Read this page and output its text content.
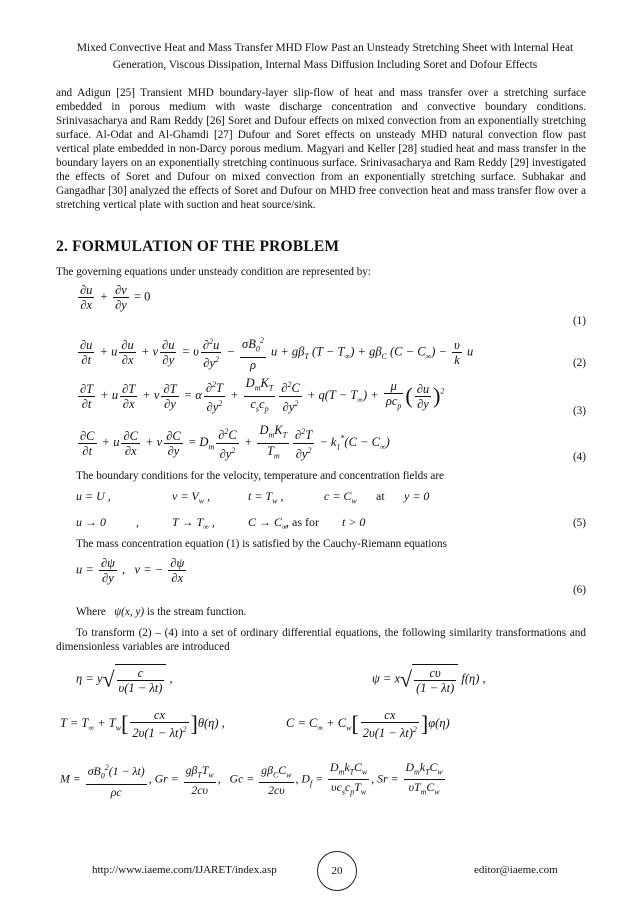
Mixed Convective Heat and Mass Transfer MHD Flow Past an Unsteady Stretching Sheet with Internal Heat
Generation, Viscous Dissipation, Internal Mass Diffusion Including Soret and Dofour Effects
and Adigun [25] Transient MHD boundary-layer slip-flow of heat and mass transfer over a stretching surface embedded in porous medium with waste discharge concentration and convective boundary conditions. Srinivasacharya and Ram Reddy [26] Soret and Dufour effects on mixed convection from an exponentially stretching surface. Al-Odat and Al-Ghamdi [27] Dufour and Soret effects on unsteady MHD natural convection flow past vertical plate embedded in non-Darcy porous medium. Magyari and Keller [28] studied heat and mass transfer in the boundary layers on an exponentially stretching continuous surface. Srinivasacharya and Ram Reddy [29] investigated the effects of Soret and Dufour on mixed convection from an exponentially stretching surface. Subhakar and Gangadhar [30] analyzed the effects of Soret and Dufour on MHD free convection heat and mass transfer flow over a stretching vertical plate with suction and heat source/sink.
2. FORMULATION OF THE PROBLEM
The governing equations under unsteady condition are represented by:
$\frac{\partial u}{\partial x} + \frac{\partial v}{\partial y} = 0$
(1)
$\frac{\partial u}{\partial t} + u \frac{\partial u}{\partial x} + v \frac{\partial u}{\partial y} = \upsilon \frac{\partial^2u}{\partial y^2} - \frac{\sigma B_0^2}{\rho}$ $u + g\beta_T$ $(T - T_\infty) + g\beta_C$ $(C - C_\infty) - \frac{\upsilon}{k}$ u
(2)
$\frac{\partial T}{\partial t} + u \frac{\partial T}{\partial x} + v \frac{\partial T}{\partial y} = \alpha \frac{\partial^2T}{\partial y^2} + \frac{D_mK_T}{c_sc_p} \frac{\partial^2C}{\partial y^2} + q(T - T_\infty) + \frac{\mu}{\rho c_p}$ ( $\frac{\partial u}{\partial y} )^2$
(3)
$\frac{\partial C}{\partial t} + u \frac{\partial C}{\partial x} + v \frac{\partial C}{\partial y} = D_m \frac{\partial^2C}{\partial y^2} + \frac{D_mK_T}{T_m} \frac{\partial^2T}{\partial y^2} - k_1^*(C - C_\infty)$
(4)
The boundary conditions for the velocity, temperature and concentration fields are
u = U ,	$v = V_w$ ,	$t = T_w$ ,	$c = C_w$ at y = 0
u → 0	,	$T \to T_\infty$ ,	$C \to C_\infty$
, as for t > 0	(5)
The mass concentration equation (1) is satisfied by the Cauchy-Riemann equations
$u = \frac{\partial\psi}{\partial y}$ ,   v = − $\frac{\partial\psi}{\partial x}$
(6)
Where ψ(x, y) is the stream function.
To transform (2) – (4) into a set of ordinary differential equations, the following similarity transformations and dimensionless variables are introduced
$\eta = y√ \frac{c}{\upsilon(1 - \lambda t)}$ ,	$\psi = x√ \frac{c\upsilon}{(1 - \lambda t)} f(\eta)$ ,
$T = T_\infty + T_w[ \frac{cx}{2\upsilon(1 - \lambda t)^2} ]\theta(\eta)$ ,	$C = C_\infty + C_w[ \frac{cx}{2\upsilon(1 - \lambda t)^2} ]\varphi(\eta)$
$M = \frac{\sigma B_0^2(1 - \lambda t)}{\rho c}$ , $Gr = \frac{g\beta_TT_w}{2c\upsilon}$ ,   $Gc = \frac{g\beta_CC_w}{2c\upsilon}$ , $D_f = \frac{D_mk_TC_w}{\upsilon c_sc_pT_w}$ , $Sr = \frac{D_mk_TC_w}{\upsilon T_mC_w}$
http://www.iaeme.com/IJARET/index.asp	20	editor@iaeme.com
